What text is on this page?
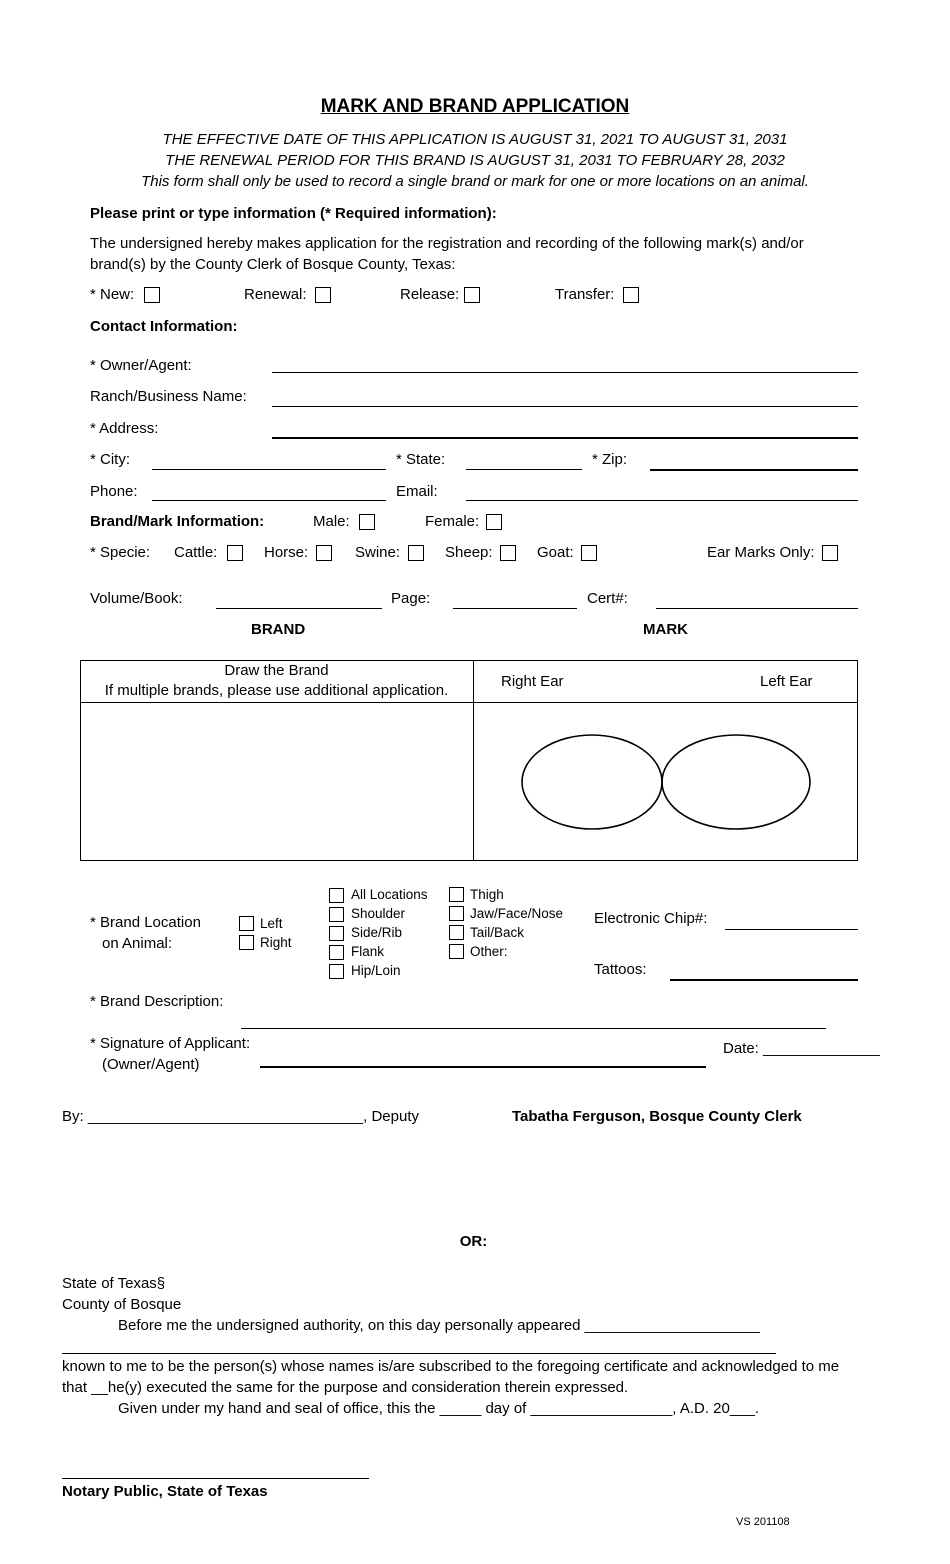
MARK AND BRAND APPLICATION
THE EFFECTIVE DATE OF THIS APPLICATION IS AUGUST 31, 2021 TO AUGUST 31, 2031
THE RENEWAL PERIOD FOR THIS BRAND IS AUGUST 31, 2031 TO FEBRUARY 28, 2032
This form shall only be used to record a single brand or mark for one or more locations on an animal.
Please print or type information (* Required information):
The undersigned hereby makes application for the registration and recording of the following mark(s) and/or
brand(s) by the County Clerk of Bosque County, Texas:
* New:	Renewal:	Release:	Transfer:
Contact Information:
* Owner/Agent:
Ranch/Business Name:
* Address:
* City:	* State:	* Zip:
Phone:	Email:
Brand/Mark Information:	Male:	Female:
* Specie: Cattle:	Horse:	Swine:	Sheep:	Goat:	Ear Marks Only:
Volume/Book:	Page:	Cert#:
BRAND	MARK
Draw the Brand
If multiple brands, please use additional application.
Right Ear	Left Ear
* Brand Location
on Animal:
Left
Right
All Locations
Shoulder
Side/Rib
Flank
Hip/Loin
Thigh
Jaw/Face/Nose
Tail/Back
Other:
Electronic Chip#:
Tattoos:
* Brand Description:
* Signature of Applicant:
(Owner/Agent)
Date: ______________
By: _________________________________, Deputy	Tabatha Ferguson, Bosque County Clerk
OR:
State of Texas§
County of Bosque
Before me the undersigned authority, on this day personally appeared _____________________
known to me to be the person(s) whose names is/are subscribed to the foregoing certificate and acknowledged to me
that __he(y) executed the same for the purpose and consideration therein expressed.
Given under my hand and seal of office, this the _____ day of _________________, A.D. 20___.
Notary Public, State of Texas
VS 201108
